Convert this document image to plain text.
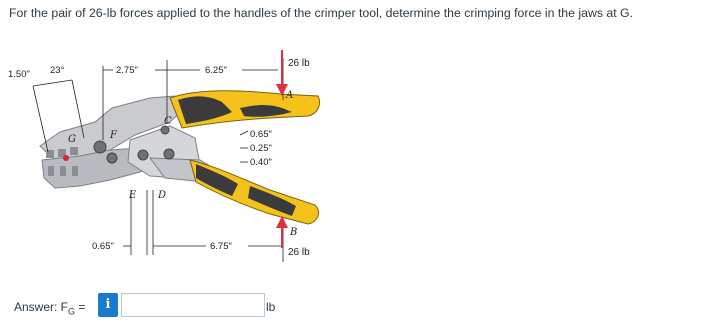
For the pair of 26-lb forces applied to the handles of the crimper tool, determine the crimping force in the jaws at G.
1.50" 23°	2.75"	6.25"
0.65"
0.25"
0.40"
0.65"	6.75"
G	F
C
E D
A
B
26 lb
26 lb
Answer: $F_G$ =	i	lb
